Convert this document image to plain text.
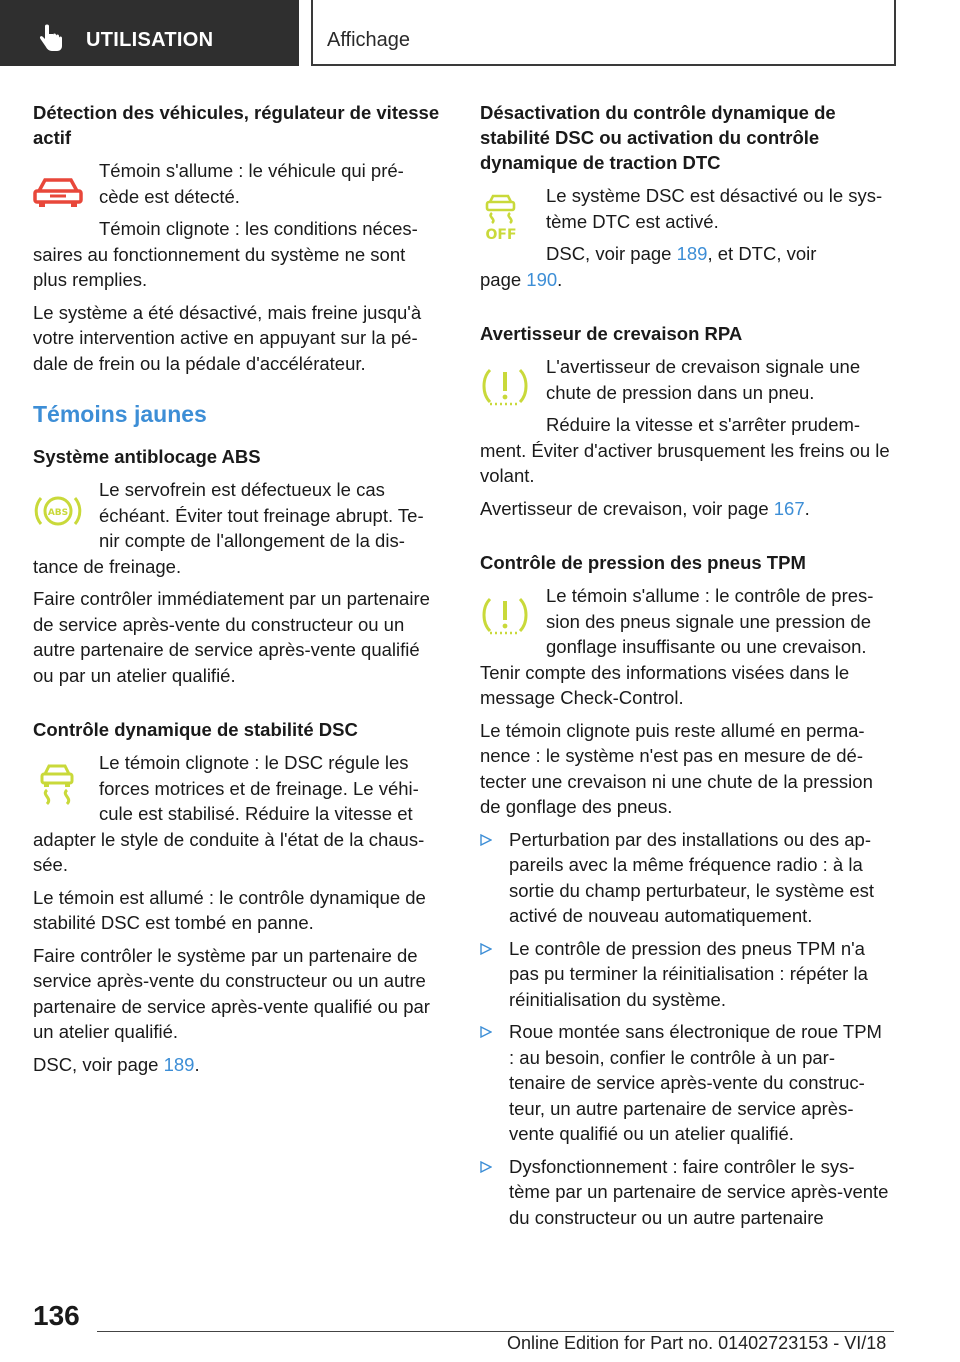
UTILISATION	Affichage
Détection des véhicules, régulateur de vitesse actif

Témoin s'allume : le véhicule qui pré-cède est détecté.

Témoin clignote : les conditions néces-

saires au fonctionnement du système ne sont plus remplies.

Le système a été désactivé, mais freine jusqu'à votre intervention active en appuyant sur la pé-dale de frein ou la pédale d'accélérateur.

Témoins jaunes
Système antiblocage ABS
ABS

Le servofrein est défectueux le cas échéant. Éviter tout freinage abrupt. Te-nir compte de l'allongement de la dis-

tance de freinage.

Faire contrôler immédiatement par un partenaire de service après-vente du constructeur ou un autre partenaire de service après-vente qualifié ou par un atelier qualifié.

Contrôle dynamique de stabilité DSC

Le témoin clignote : le DSC régule les forces motrices et de freinage. Le véhi-cule est stabilisé. Réduire la vitesse et

adapter le style de conduite à l'état de la chaus-sée.

Le témoin est allumé : le contrôle dynamique de stabilité DSC est tombé en panne.

Faire contrôler le système par un partenaire de service après-vente du constructeur ou un autre partenaire de service après-vente qualifié ou par un atelier qualifié.

DSC, voir page 189.

Désactivation du contrôle dynamique de stabilité DSC ou activation du contrôle dynamique de traction DTC
OFF

Le système DSC est désactivé ou le sys-tème DTC est activé.

DSC, voir page 189, et DTC, voir

page 190.

Avertisseur de crevaison RPA

L'avertisseur de crevaison signale une chute de pression dans un pneu.

Réduire la vitesse et s'arrêter prudem-

ment. Éviter d'activer brusquement les freins ou le volant.

Avertisseur de crevaison, voir page 167.

Contrôle de pression des pneus TPM

Le témoin s'allume : le contrôle de pres-sion des pneus signale une pression de gonflage insuffisante ou une crevaison.

Tenir compte des informations visées dans le message Check-Control.

Le témoin clignote puis reste allumé en perma-nence : le système n'est pas en mesure de dé-tecter une crevaison ni une chute de la pression de gonflage des pneus.

Perturbation par des installations ou des ap-pareils avec la même fréquence radio : à la sortie du champ perturbateur, le système est activé de nouveau automatiquement.
Le contrôle de pression des pneus TPM n'a pas pu terminer la réinitialisation : répéter la réinitialisation du système.
Roue montée sans électronique de roue TPM : au besoin, confier le contrôle à un par-tenaire de service après-vente du construc-teur, un autre partenaire de service après-vente qualifié ou un atelier qualifié.
Dysfonctionnement : faire contrôler le sys-tème par un partenaire de service après-vente du constructeur ou un autre partenaire
136
Online Edition for Part no. 01402723153 - VI/18
